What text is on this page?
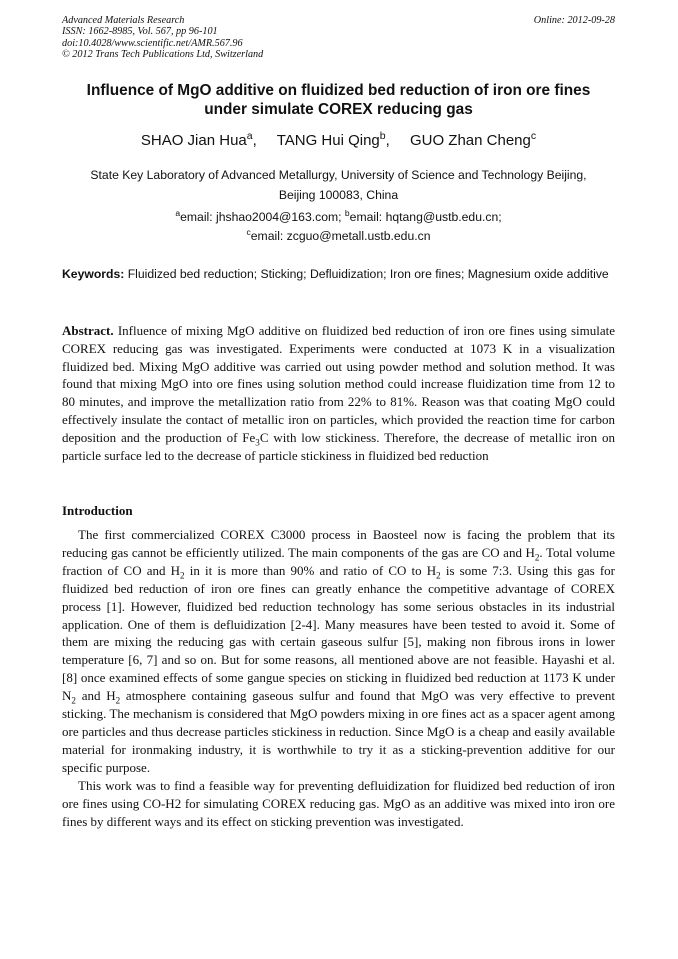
Advanced Materials Research
ISSN: 1662-8985, Vol. 567, pp 96-101
doi:10.4028/www.scientific.net/AMR.567.96
© 2012 Trans Tech Publications Ltd, Switzerland
Online: 2012-09-28
Influence of MgO additive on fluidized bed reduction of iron ore fines
under simulate COREX reducing gas
SHAO Jian Hua$^a$, TANG Hui Qing$^b$, GUO Zhan Cheng$^c$
State Key Laboratory of Advanced Metallurgy, University of Science and Technology Beijing,
Beijing 100083, China
$^a$email: jhshao2004@163.com; $^b$email: hqtang@ustb.edu.cn;
$^c$email: zcguo@metall.ustb.edu.cn
Keywords: Fluidized bed reduction; Sticking; Defluidization; Iron ore fines; Magnesium oxide additive
Abstract. Influence of mixing MgO additive on fluidized bed reduction of iron ore fines using simulate COREX reducing gas was investigated. Experiments were conducted at 1073 K in a visualization fluidized bed. Mixing MgO additive was carried out using powder method and solution method. It was found that mixing MgO into ore fines using solution method could increase fluidization time from 12 to 80 minutes, and improve the metallization ratio from 22% to 81%. Reason was that coating MgO could effectively insulate the contact of metallic iron on particles, which provided the reaction time for carbon deposition and the production of $Fe_3C$ with low stickiness. Therefore, the decrease of metallic iron on particle surface led to the decrease of particle stickiness in fluidized bed reduction
Introduction

The first commercialized COREX C3000 process in Baosteel now is facing the problem that its reducing gas cannot be efficiently utilized. The main components of the gas are CO and $H_2$. Total volume fraction of CO and $H_2$ in it is more than 90% and ratio of CO to $H_2$ is some 7:3. Using this gas for fluidized bed reduction of iron ore fines can greatly enhance the competitive advantage of COREX process [1]. However, fluidized bed reduction technology has some serious obstacles in its industrial application. One of them is defluidization [2-4]. Many measures have been tested to avoid it. Some of them are mixing the reducing gas with certain gaseous sulfur [5], making non fibrous irons in lower temperature [6, 7] and so on. But for some reasons, all mentioned above are not feasible. Hayashi et al. [8] once examined effects of some gangue species on sticking in fluidized bed reduction at 1173 K under $N_2$ and $H_2$ atmosphere containing gaseous sulfur and found that MgO was very effective to prevent sticking. The mechanism is considered that MgO powders mixing in ore fines act as a spacer agent among ore particles and thus decrease particles stickiness in reduction. Since MgO is a cheap and easily available material for ironmaking industry, it is worthwhile to try it as a sticking-prevention additive for our specific purpose.

This work was to find a feasible way for preventing defluidization for fluidized bed reduction of iron ore fines using CO-H2 for simulating COREX reducing gas. MgO as an additive was mixed into iron ore fines by different ways and its effect on sticking prevention was investigated.
